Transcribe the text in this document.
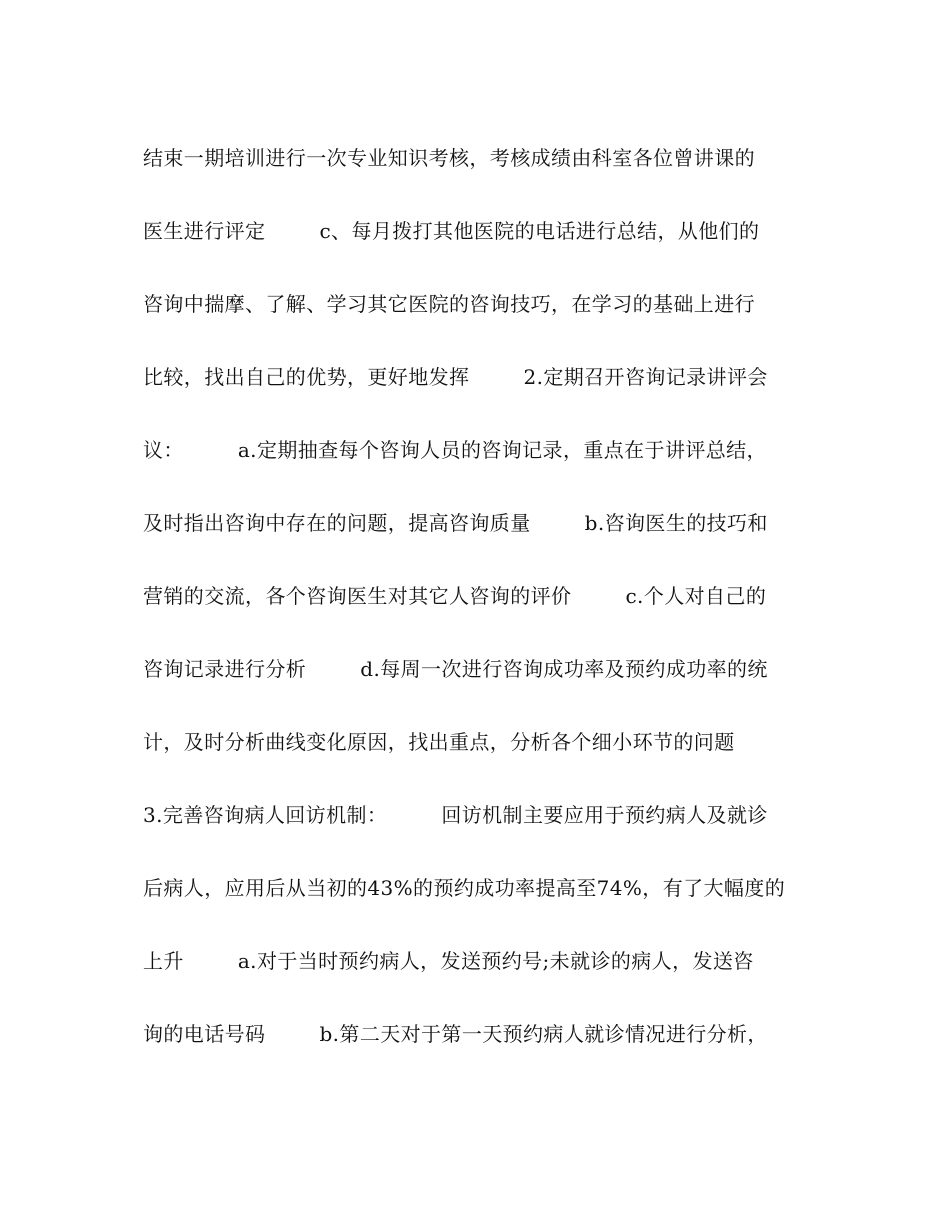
结束一期培训进行一次专业知识考核，考核成绩由科室各位曾讲课的
医生进行评定        c、每月拨打其他医院的电话进行总结，从他们的
咨询中揣摩、了解、学习其它医院的咨询技巧，在学习的基础上进行
比较，找出自己的优势，更好地发挥        2.定期召开咨询记录讲评会
议：        a.定期抽查每个咨询人员的咨询记录，重点在于讲评总结，
及时指出咨询中存在的问题，提高咨询质量        b.咨询医生的技巧和
营销的交流，各个咨询医生对其它人咨询的评价        c.个人对自己的
咨询记录进行分析        d.每周一次进行咨询成功率及预约成功率的统
计，及时分析曲线变化原因，找出重点，分析各个细小环节的问题
3.完善咨询病人回访机制：        回访机制主要应用于预约病人及就诊
后病人，应用后从当初的43%的预约成功率提高至74%，有了大幅度的
上升        a.对于当时预约病人，发送预约号;未就诊的病人，发送咨
询的电话号码        b.第二天对于第一天预约病人就诊情况进行分析，
